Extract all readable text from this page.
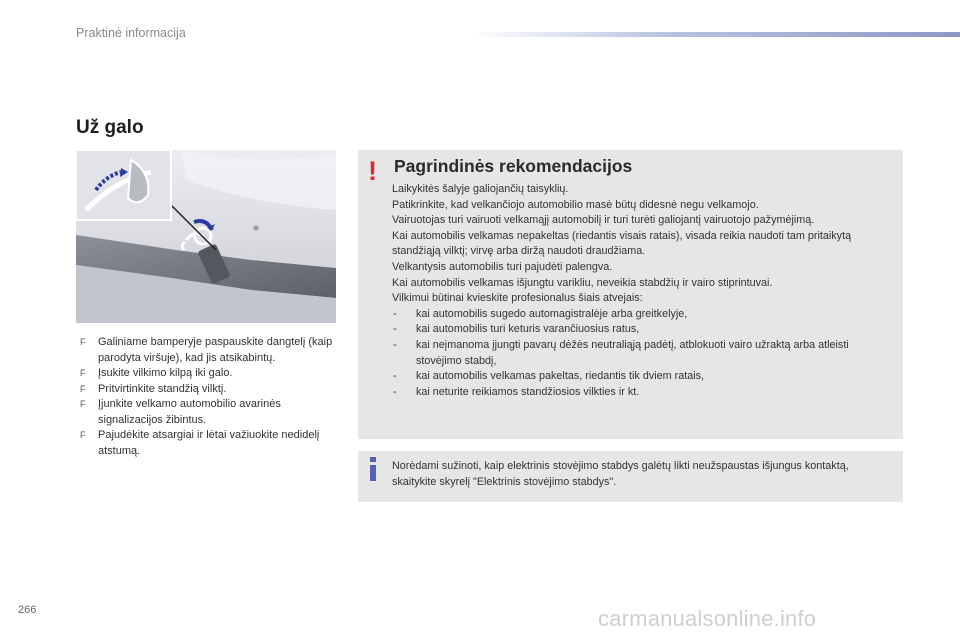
Praktinė informacija
Už galo
F Galiniame bamperyje paspauskite dangtelį (kaip parodyta viršuje), kad jis atsikabintų.
F Įsukite vilkimo kilpą iki galo.
F Pritvirtinkite standžią vilktį.
F Įjunkite velkamo automobilio avarinės signalizacijos žibintus.
F Pajudėkite atsargiai ir lėtai važiuokite nedidelį atstumą.
! Pagrindinės rekomendacijos

Laikykitės šalyje galiojančių taisyklių.

Patikrinkite, kad velkančiojo automobilio masė būtų didesnė negu velkamojo.

Vairuotojas turi vairuoti velkamąjį automobilį ir turi turėti galiojantį vairuotojo pažymėjimą.

Kai automobilis velkamas nepakeltas (riedantis visais ratais), visada reikia naudoti tam pritaikytą standžiąją vilktį; virvę arba diržą naudoti draudžiama.

Velkantysis automobilis turi pajudėti palengva.

Kai automobilis velkamas išjungtu varikliu, neveikia stabdžių ir vairo stiprintuvai.

Vilkimui būtinai kvieskite profesionalus šiais atvejais:

- kai automobilis sugedo automagistralėje arba greitkelyje,

- kai automobilis turi keturis varančiuosius ratus,

- kai neįmanoma įjungti pavarų dėžės neutraliąją padėtį, atblokuoti vairo užraktą arba atleisti stovėjimo stabdį,

- kai automobilis velkamas pakeltas, riedantis tik dviem ratais,

- kai neturite reikiamos standžiosios vilkties ir kt.

Norėdami sužinoti, kaip elektrinis stovėjimo stabdys galėtų likti neužspaustas išjungus kontaktą, skaitykite skyrelį "Elektrinis stovėjimo stabdys".
266	carmanualsonline.info
